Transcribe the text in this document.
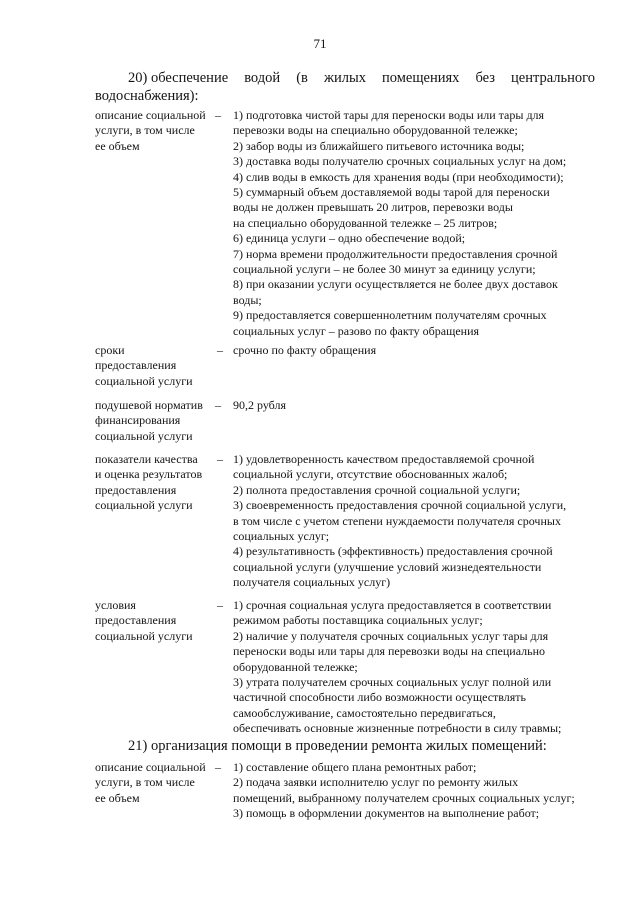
71
20) обеспечение водой (в жилых помещениях без центрального
водоснабжения):
описание социальной
услуги, в том числе
ее объем
– 1) подготовка чистой тары для переноски воды или тары для
перевозки воды на специально оборудованной тележке;
2) забор воды из ближайшего питьевого источника воды;
3) доставка воды получателю срочных социальных услуг на дом;
4) слив воды в емкость для хранения воды (при необходимости);
5) суммарный объем доставляемой воды тарой для переноски
воды не должен превышать 20 литров, перевозки воды
на специально оборудованной тележке – 25 литров;
6) единица услуги – одно обеспечение водой;
7) норма времени продолжительности предоставления срочной
социальной услуги – не более 30 минут за единицу услуги;
8) при оказании услуги осуществляется не более двух доставок
воды;
9) предоставляется совершеннолетним получателям срочных
социальных услуг – разово по факту обращения
сроки
предоставления
социальной услуги
– срочно по факту обращения
подушевой норматив
финансирования
социальной услуги
– 90,2 рубля
показатели качества
и оценка результатов
предоставления
социальной услуги
– 1) удовлетворенность качеством предоставляемой срочной
социальной услуги, отсутствие обоснованных жалоб;
2) полнота предоставления срочной социальной услуги;
3) своевременность предоставления срочной социальной услуги,
в том числе с учетом степени нуждаемости получателя срочных
социальных услуг;
4) результативность (эффективность) предоставления срочной
социальной услуги (улучшение условий жизнедеятельности
получателя социальных услуг)
условия
предоставления
социальной услуги
– 1) срочная социальная услуга предоставляется в соответствии
режимом работы поставщика социальных услуг;
2) наличие у получателя срочных социальных услуг тары для
переноски воды или тары для перевозки воды на специально
оборудованной тележке;
3) утрата получателем срочных социальных услуг полной или
частичной способности либо возможности осуществлять
самообслуживание, самостоятельно передвигаться,
обеспечивать основные жизненные потребности в силу травмы;
21) организация помощи в проведении ремонта жилых помещений:
описание социальной
услуги, в том числе
ее объем
– 1) составление общего плана ремонтных работ;
2) подача заявки исполнителю услуг по ремонту жилых
помещений, выбранному получателем срочных социальных услуг;
3) помощь в оформлении документов на выполнение работ;
